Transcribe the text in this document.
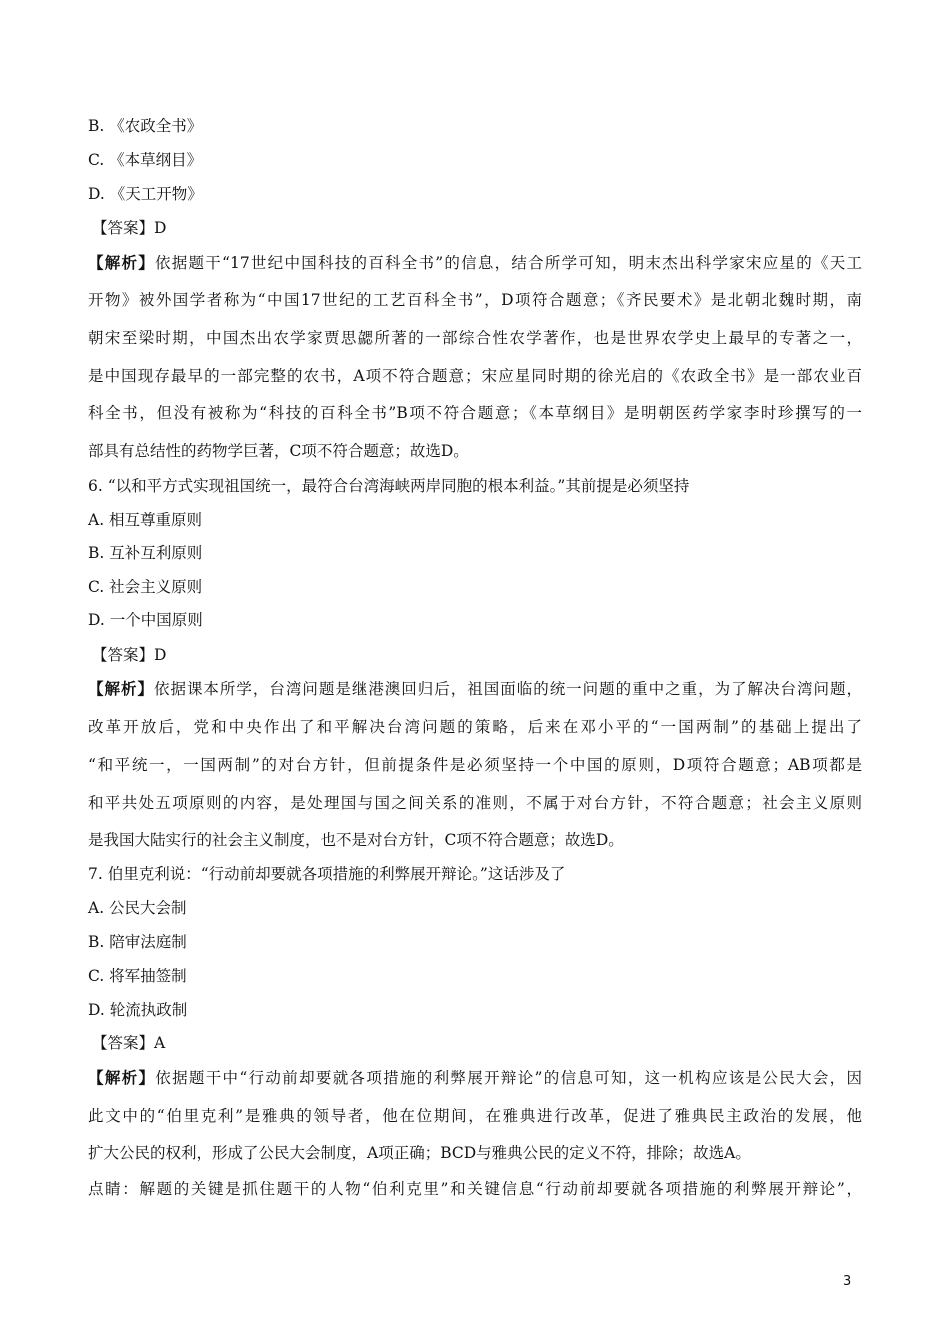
B. 《农政全书》
C. 《本草纲目》
D. 《天工开物》
【答案】D
【解析】依据题干“17世纪中国科技的百科全书”的信息，结合所学可知，明末杰出科学家宋应星的《天工
开物》被外国学者称为“中国17世纪的工艺百科全书”，D项符合题意；《齐民要术》是北朝北魏时期，南
朝宋至梁时期，中国杰出农学家贾思勰所著的一部综合性农学著作，也是世界农学史上最早的专著之一，
是中国现存最早的一部完整的农书，A项不符合题意；宋应星同时期的徐光启的《农政全书》是一部农业百
科全书，但没有被称为“科技的百科全书”B项不符合题意；《本草纲目》是明朝医药学家李时珍撰写的一
部具有总结性的药物学巨著，C项不符合题意；故选D。
6. “以和平方式实现祖国统一，最符合台湾海峡两岸同胞的根本利益。”其前提是必须坚持
A. 相互尊重原则
B. 互补互利原则
C. 社会主义原则
D. 一个中国原则
【答案】D
【解析】依据课本所学，台湾问题是继港澳回归后，祖国面临的统一问题的重中之重，为了解决台湾问题，
改革开放后，党和中央作出了和平解决台湾问题的策略，后来在邓小平的“一国两制”的基础上提出了
“和平统一，一国两制”的对台方针，但前提条件是必须坚持一个中国的原则，D项符合题意；AB项都是
和平共处五项原则的内容，是处理国与国之间关系的准则，不属于对台方针，不符合题意；社会主义原则
是我国大陆实行的社会主义制度，也不是对台方针，C项不符合题意；故选D。
7. 伯里克利说：“行动前却要就各项措施的利弊展开辩论。”这话涉及了
A. 公民大会制
B. 陪审法庭制
C. 将军抽签制
D. 轮流执政制
【答案】A
【解析】依据题干中“行动前却要就各项措施的利弊展开辩论”的信息可知，这一机构应该是公民大会，因
此文中的“伯里克利”是雅典的领导者，他在位期间，在雅典进行改革，促进了雅典民主政治的发展，他
扩大公民的权利，形成了公民大会制度，A项正确；BCD与雅典公民的定义不符，排除；故选A。
点睛：解题的关键是抓住题干的人物“伯利克里”和关键信息“行动前却要就各项措施的利弊展开辩论”，
3
